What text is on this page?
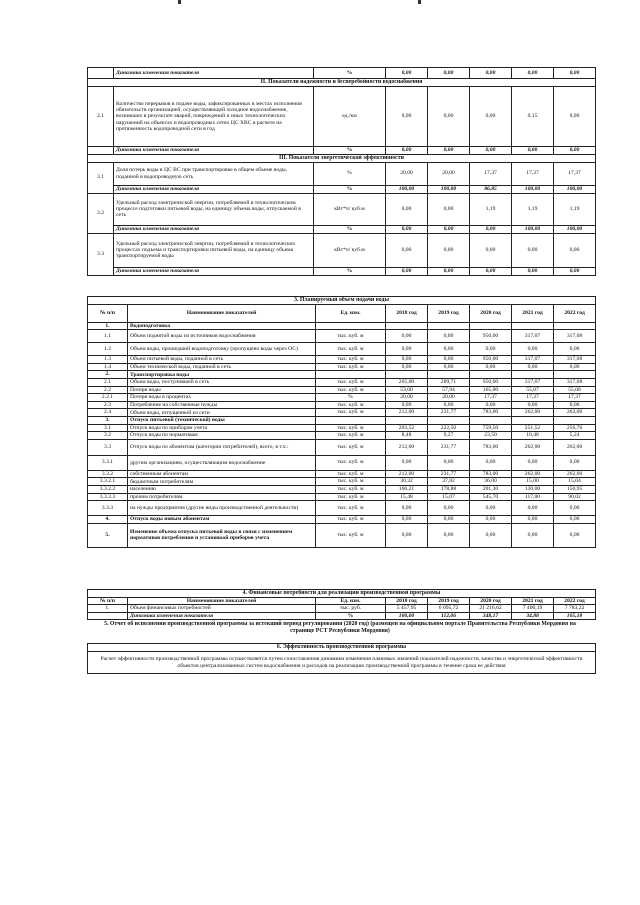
	Динамика изменения показателя	%	0,00	0,00	0,00	0,00	0,00
II. Показатели надежности и бесперебойности водоснабжения							
2.1	Количество перерывов в подаче воды, зафиксированных в местах исполнения обязательств организацией, осуществляющей холодное водоснабжение, возникших в результате аварий, повреждений и иных технологических нарушений на объектах и водопроводных сетях ЦС ХВС в расчете на протяженность водопроводной сети в год	ед./км	0,00	0,00	0,00	0,15	0,00
	Динамика изменения показателя	%	0,00	0,00	0,00	0,00	0,00
III. Показатели энергетической эффективности							
3.1	Доля потерь воды в ЦС ВС при транспортировке в общем объеме воды, поданной в водопроводную сеть	%	20,00	20,00	17,37	17,37	17,37
	Динамика изменения показателя	%	100,00	100,00	86,85	100,00	100,00
3.2	Удельный расход электрической энергии, потребляемой в технологическом процессе подготовки питьевой воды, на единицу объема воды, отпускаемой в сеть	кВт*ч/ куб.м	0,00	0,00	1,19	1,19	1,19
	Динамика изменения показателя	%	0,00	0,00	0,00	100,00	100,00
3.3	Удельный расход электрической энергии, потребляемой в технологических процессах подъема и транспортировки питьевой воды, на единицу объема транспортируемой воды	кВт*ч/ куб.м	0,00	0,00	0,00	0,00	0,00
	Динамика изменения показателя	%	0,00	0,00	0,00	0,00	0,00
3. Планируемый объем подачи воды							
№ п/п	Наименование показателей	Ед. изм.	2018 год	2019 год	2020 год	2021 год	2022 год
1.	Водоподготовка						
1.1	Объем поднятой воды из источников водоснабжения	тыс. куб. м	0,00	0,00	950,00	317,07	317,08
1.2	Объем воды, прошедший водоподготовку (пропущено воды через ОС)	тыс. куб. м	0,00	0,00	0,00	0,00	0,00
1.3	Объем питьевой воды, поданной в сеть	тыс. куб. м	0,00	0,00	950,00	317,07	317,08
1.4	Объем технической воды, поданной в сеть	тыс. куб. м	0,00	0,00	0,00	0,00	0,00
2.	Транспортировка воды						
2.1	Объем воды, поступившей в сеть	тыс. куб. м	265,00	289,71	950,00	317,07	317,08
2.2	Потери воды	тыс. куб. м	53,00	57,94	165,00	55,07	55,08
2.2.1	Потери воды в процентах	%	20,00	20,00	17,37	17,37	17,37
2.3	Потребление на собственные нужды	тыс. куб. м	0,00	0,00	0,00	0,00	0,00
2.4	Объем воды, отпущенной из сети	тыс. куб. м	212,00	231,77	783,00	262,00	262,00
3.	Отпуск питьевой (технической) воды						
3.1	Отпуск воды по приборам учета	тыс. куб. м	203,52	222,50	759,50	251,52	256,76
3.2	Отпуск воды по нормативам	тыс. куб. м	8,48	9,27	23,50	10,48	5,24
3.3	Отпуск воды по абонентам (категории потребителей), всего, в т.ч.:	тыс. куб. м	212,00	231,77	783,00	262,00	262,00
3.3.1	другим организациям, осуществляющим водоснабжение	тыс. куб. м	0,00	0,00	0,00	0,00	0,00
3.3.2	собственным абонентам	тыс. куб. м	212,00	231,77	783,00	262,00	262,00
3.3.2.1	бюджетным потребителям	тыс. куб. м	30,32	37,82	36,00	15,00	15,04
3.3.2.2	населению	тыс. куб. м	166,21	178,88	201,30	130,00	156,95
3.3.2.3	прочим потребителям	тыс. куб. м	15,48	15,07	545,70	117,00	90,02
3.3.3	на нужды предприятия (другие виды производственной деятельности)	тыс. куб. м	0,00	0,00	0,00	0,00	0,00
4.	Отпуск воды новым абонентам	тыс. куб. м	0,00	0,00	0,00	0,00	0,00
5.	Изменение объема отпуска питьевой воды в связи с изменением нормативов потребления и установкой приборов учета	тыс. куб. м	0,00	0,00	0,00	0,00	0,00
4. Финансовые потребности для реализации производственной программы							
№ п/п	Наименование показателей	Ед. изм.	2018 год	2019 год	2020 год	2021 год	2022 год
1.	Объем финансовых потребностей	тыс. руб.	5 457,95	6 095,72	21 216,62	7 400,19	7 783,22
	Динамика изменения показателя	%	100,00	112,06	348,17	34,88	105,18
5. Отчет об исполнении производственной программы за истекший период регулирования (2020 год) (размещен на официальном портале Правительства Республики Мордовия на странице РСТ Республики Мордовия)
6. Эффективность производственной программы
Расчет эффективности производственной программы осуществляется путем сопоставления динамики изменения плановых значений показателей надежности, качества и энергетической эффективности объектов централизованных систем водоснабжения и расходов на реализацию производственной программы в течение срока ее действия
